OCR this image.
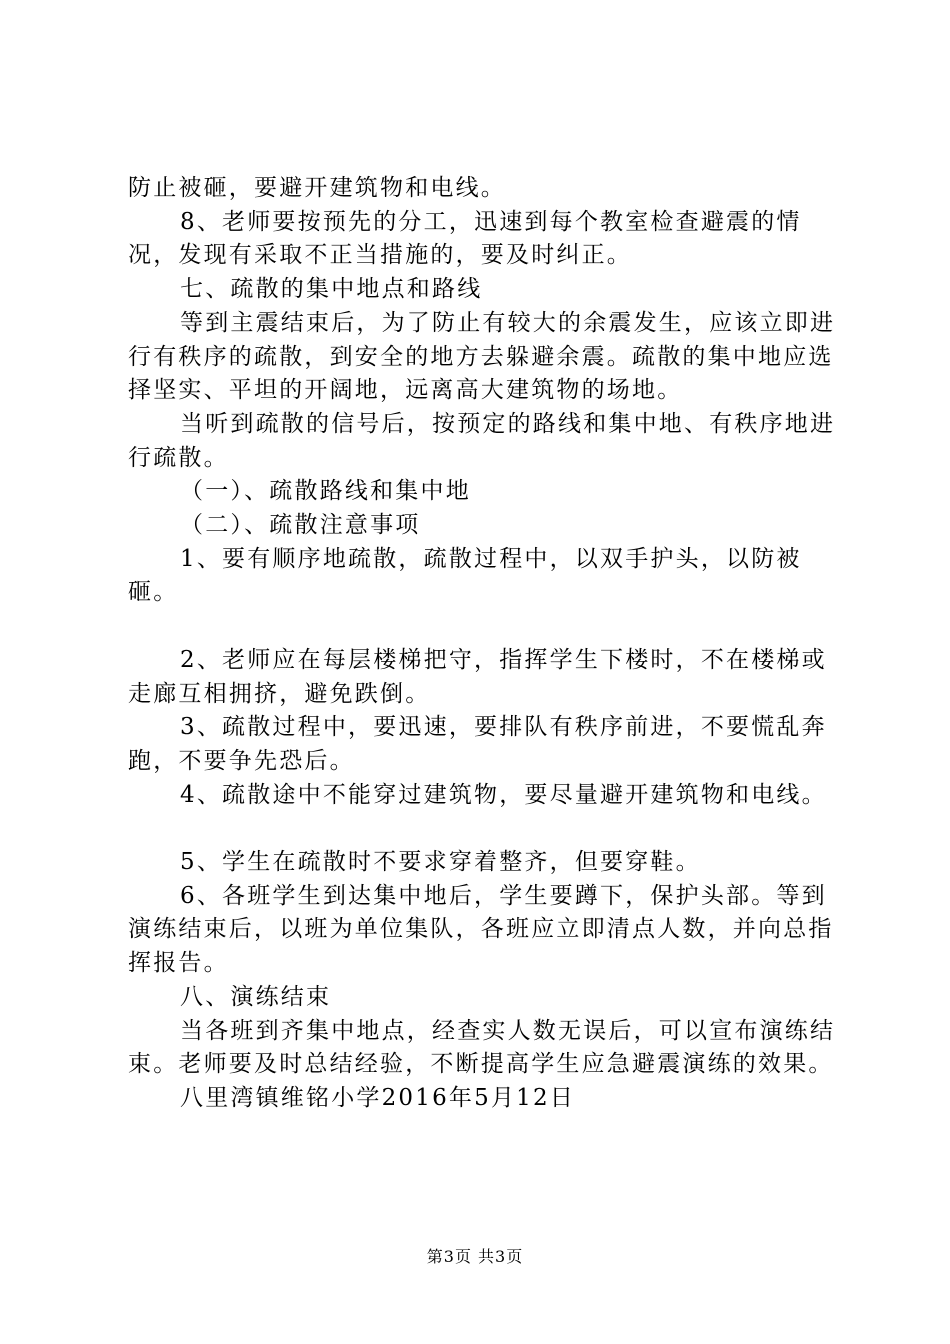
防止被砸，要避开建筑物和电线。

8、老师要按预先的分工，迅速到每个教室检查避震的情况，发现有采取不正当措施的，要及时纠正。

七、疏散的集中地点和路线

等到主震结束后，为了防止有较大的余震发生，应该立即进行有秩序的疏散，到安全的地方去躲避余震。疏散的集中地应选择坚实、平坦的开阔地，远离高大建筑物的场地。

当听到疏散的信号后，按预定的路线和集中地、有秩序地进行疏散。

（一）、疏散路线和集中地

（二）、疏散注意事项

1、要有顺序地疏散，疏散过程中，以双手护头，以防被砸。

2、老师应在每层楼梯把守，指挥学生下楼时，不在楼梯或走廊互相拥挤，避免跌倒。

3、疏散过程中，要迅速，要排队有秩序前进，不要慌乱奔跑，不要争先恐后。

4、疏散途中不能穿过建筑物，要尽量避开建筑物和电线。

5、学生在疏散时不要求穿着整齐，但要穿鞋。

6、各班学生到达集中地后，学生要蹲下，保护头部。等到演练结束后，以班为单位集队，各班应立即清点人数，并向总指挥报告。

八、演练结束

当各班到齐集中地点，经查实人数无误后，可以宣布演练结束。老师要及时总结经验，不断提高学生应急避震演练的效果。

八里湾镇维铭小学2016年5月12日

第3页 共3页
